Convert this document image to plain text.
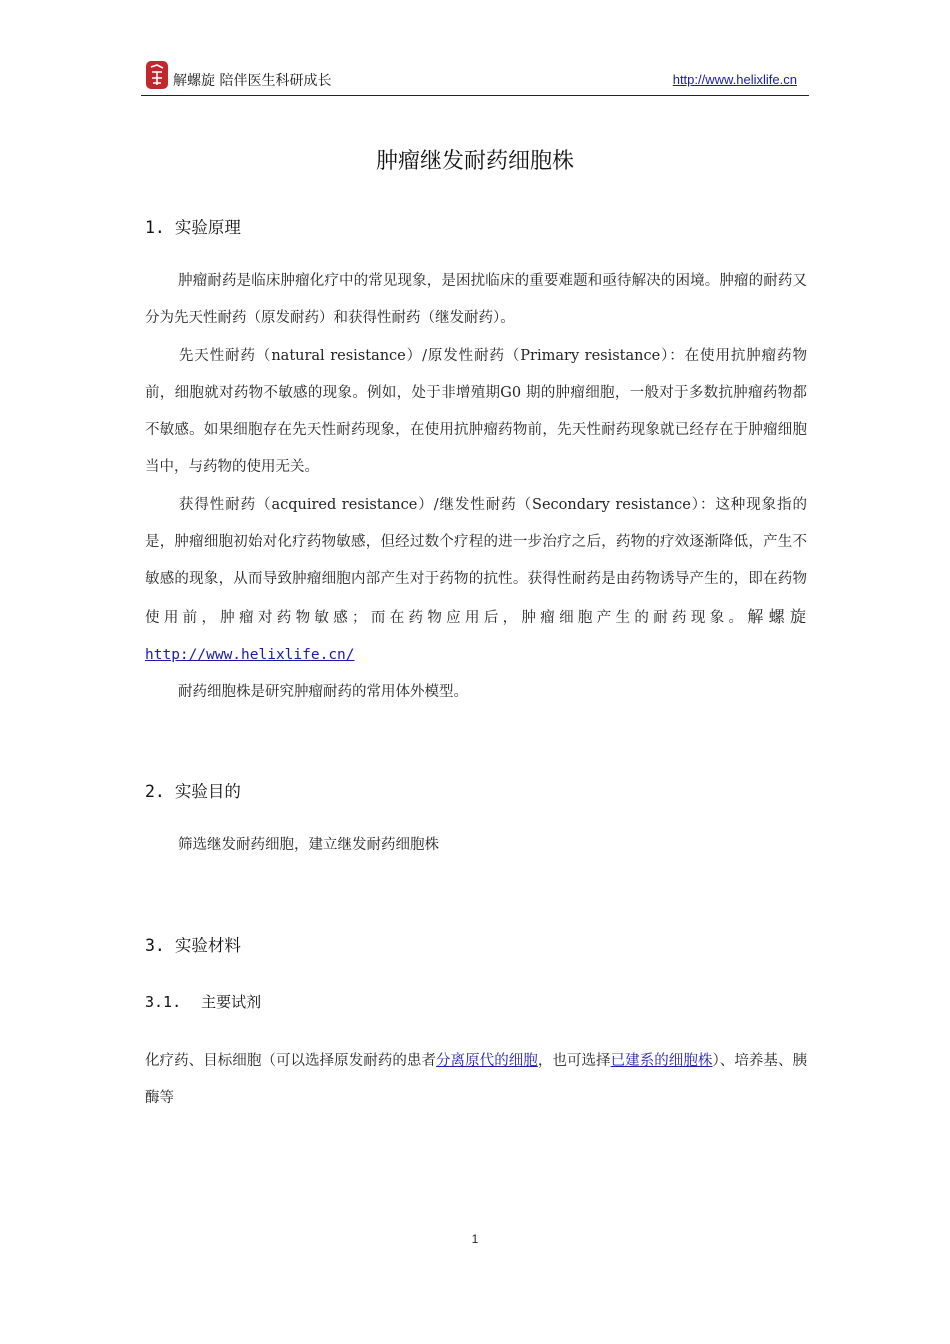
解螺旋 陪伴医生科研成长	http://www.helixlife.cn
肿瘤继发耐药细胞株
1. 实验原理
肿瘤耐药是临床肿瘤化疗中的常见现象，是困扰临床的重要难题和亟待解决的困境。肿瘤的耐药又分为先天性耐药（原发耐药）和获得性耐药（继发耐药）。
先天性耐药（natural resistance）/原发性耐药（Primary resistance）：在使用抗肿瘤药物前，细胞就对药物不敏感的现象。例如，处于非增殖期G0 期的肿瘤细胞，一般对于多数抗肿瘤药物都不敏感。如果细胞存在先天性耐药现象，在使用抗肿瘤药物前，先天性耐药现象就已经存在于肿瘤细胞当中，与药物的使用无关。
获得性耐药（acquired resistance）/继发性耐药（Secondary resistance）：这种现象指的是，肿瘤细胞初始对化疗药物敏感，但经过数个疗程的进一步治疗之后，药物的疗效逐渐降低，产生不敏感的现象，从而导致肿瘤细胞内部产生对于药物的抗性。获得性耐药是由药物诱导产生的，即在药物使用前，肿瘤对药物敏感；而在药物应用后，肿瘤细胞产生的耐药现象。解螺旋 http://www.helixlife.cn/
耐药细胞株是研究肿瘤耐药的常用体外模型。
2. 实验目的
筛选继发耐药细胞，建立继发耐药细胞株
3. 实验材料
3.1. 主要试剂
化疗药、目标细胞（可以选择原发耐药的患者分离原代的细胞，也可选择已建系的细胞株）、培养基、胰酶等
1
